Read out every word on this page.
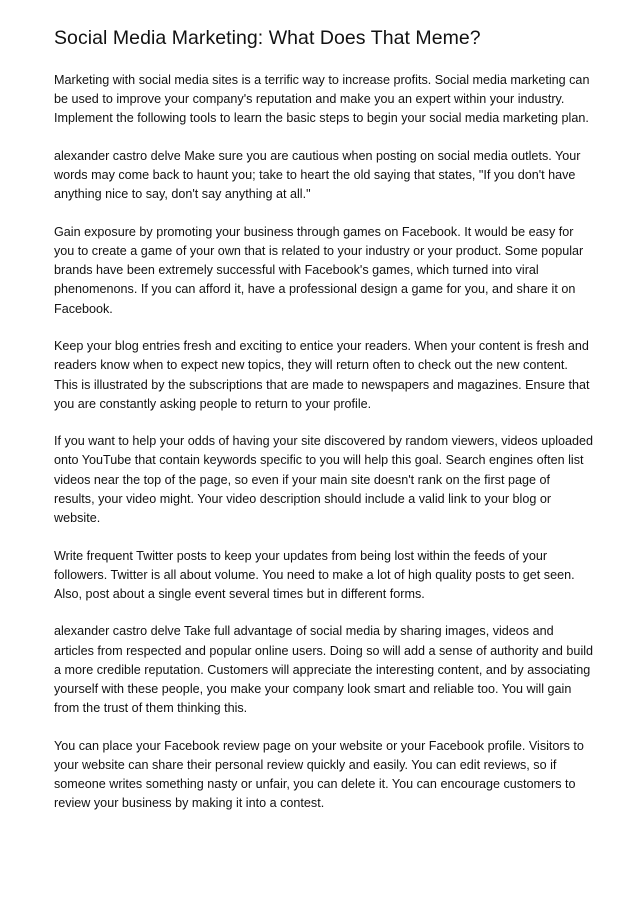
Social Media Marketing: What Does That Meme?

Marketing with social media sites is a terrific way to increase profits. Social media marketing can be used to improve your company's reputation and make you an expert within your industry. Implement the following tools to learn the basic steps to begin your social media marketing plan.

alexander castro delve Make sure you are cautious when posting on social media outlets. Your words may come back to haunt you; take to heart the old saying that states, "If you don't have anything nice to say, don't say anything at all."

Gain exposure by promoting your business through games on Facebook. It would be easy for you to create a game of your own that is related to your industry or your product. Some popular brands have been extremely successful with Facebook's games, which turned into viral phenomenons. If you can afford it, have a professional design a game for you, and share it on Facebook.

Keep your blog entries fresh and exciting to entice your readers. When your content is fresh and readers know when to expect new topics, they will return often to check out the new content. This is illustrated by the subscriptions that are made to newspapers and magazines. Ensure that you are constantly asking people to return to your profile.

If you want to help your odds of having your site discovered by random viewers, videos uploaded onto YouTube that contain keywords specific to you will help this goal. Search engines often list videos near the top of the page, so even if your main site doesn't rank on the first page of results, your video might. Your video description should include a valid link to your blog or website.

Write frequent Twitter posts to keep your updates from being lost within the feeds of your followers. Twitter is all about volume. You need to make a lot of high quality posts to get seen. Also, post about a single event several times but in different forms.

alexander castro delve Take full advantage of social media by sharing images, videos and articles from respected and popular online users. Doing so will add a sense of authority and build a more credible reputation. Customers will appreciate the interesting content, and by associating yourself with these people, you make your company look smart and reliable too. You will gain from the trust of them thinking this.

You can place your Facebook review page on your website or your Facebook profile. Visitors to your website can share their personal review quickly and easily. You can edit reviews, so if someone writes something nasty or unfair, you can delete it. You can encourage customers to review your business by making it into a contest.
